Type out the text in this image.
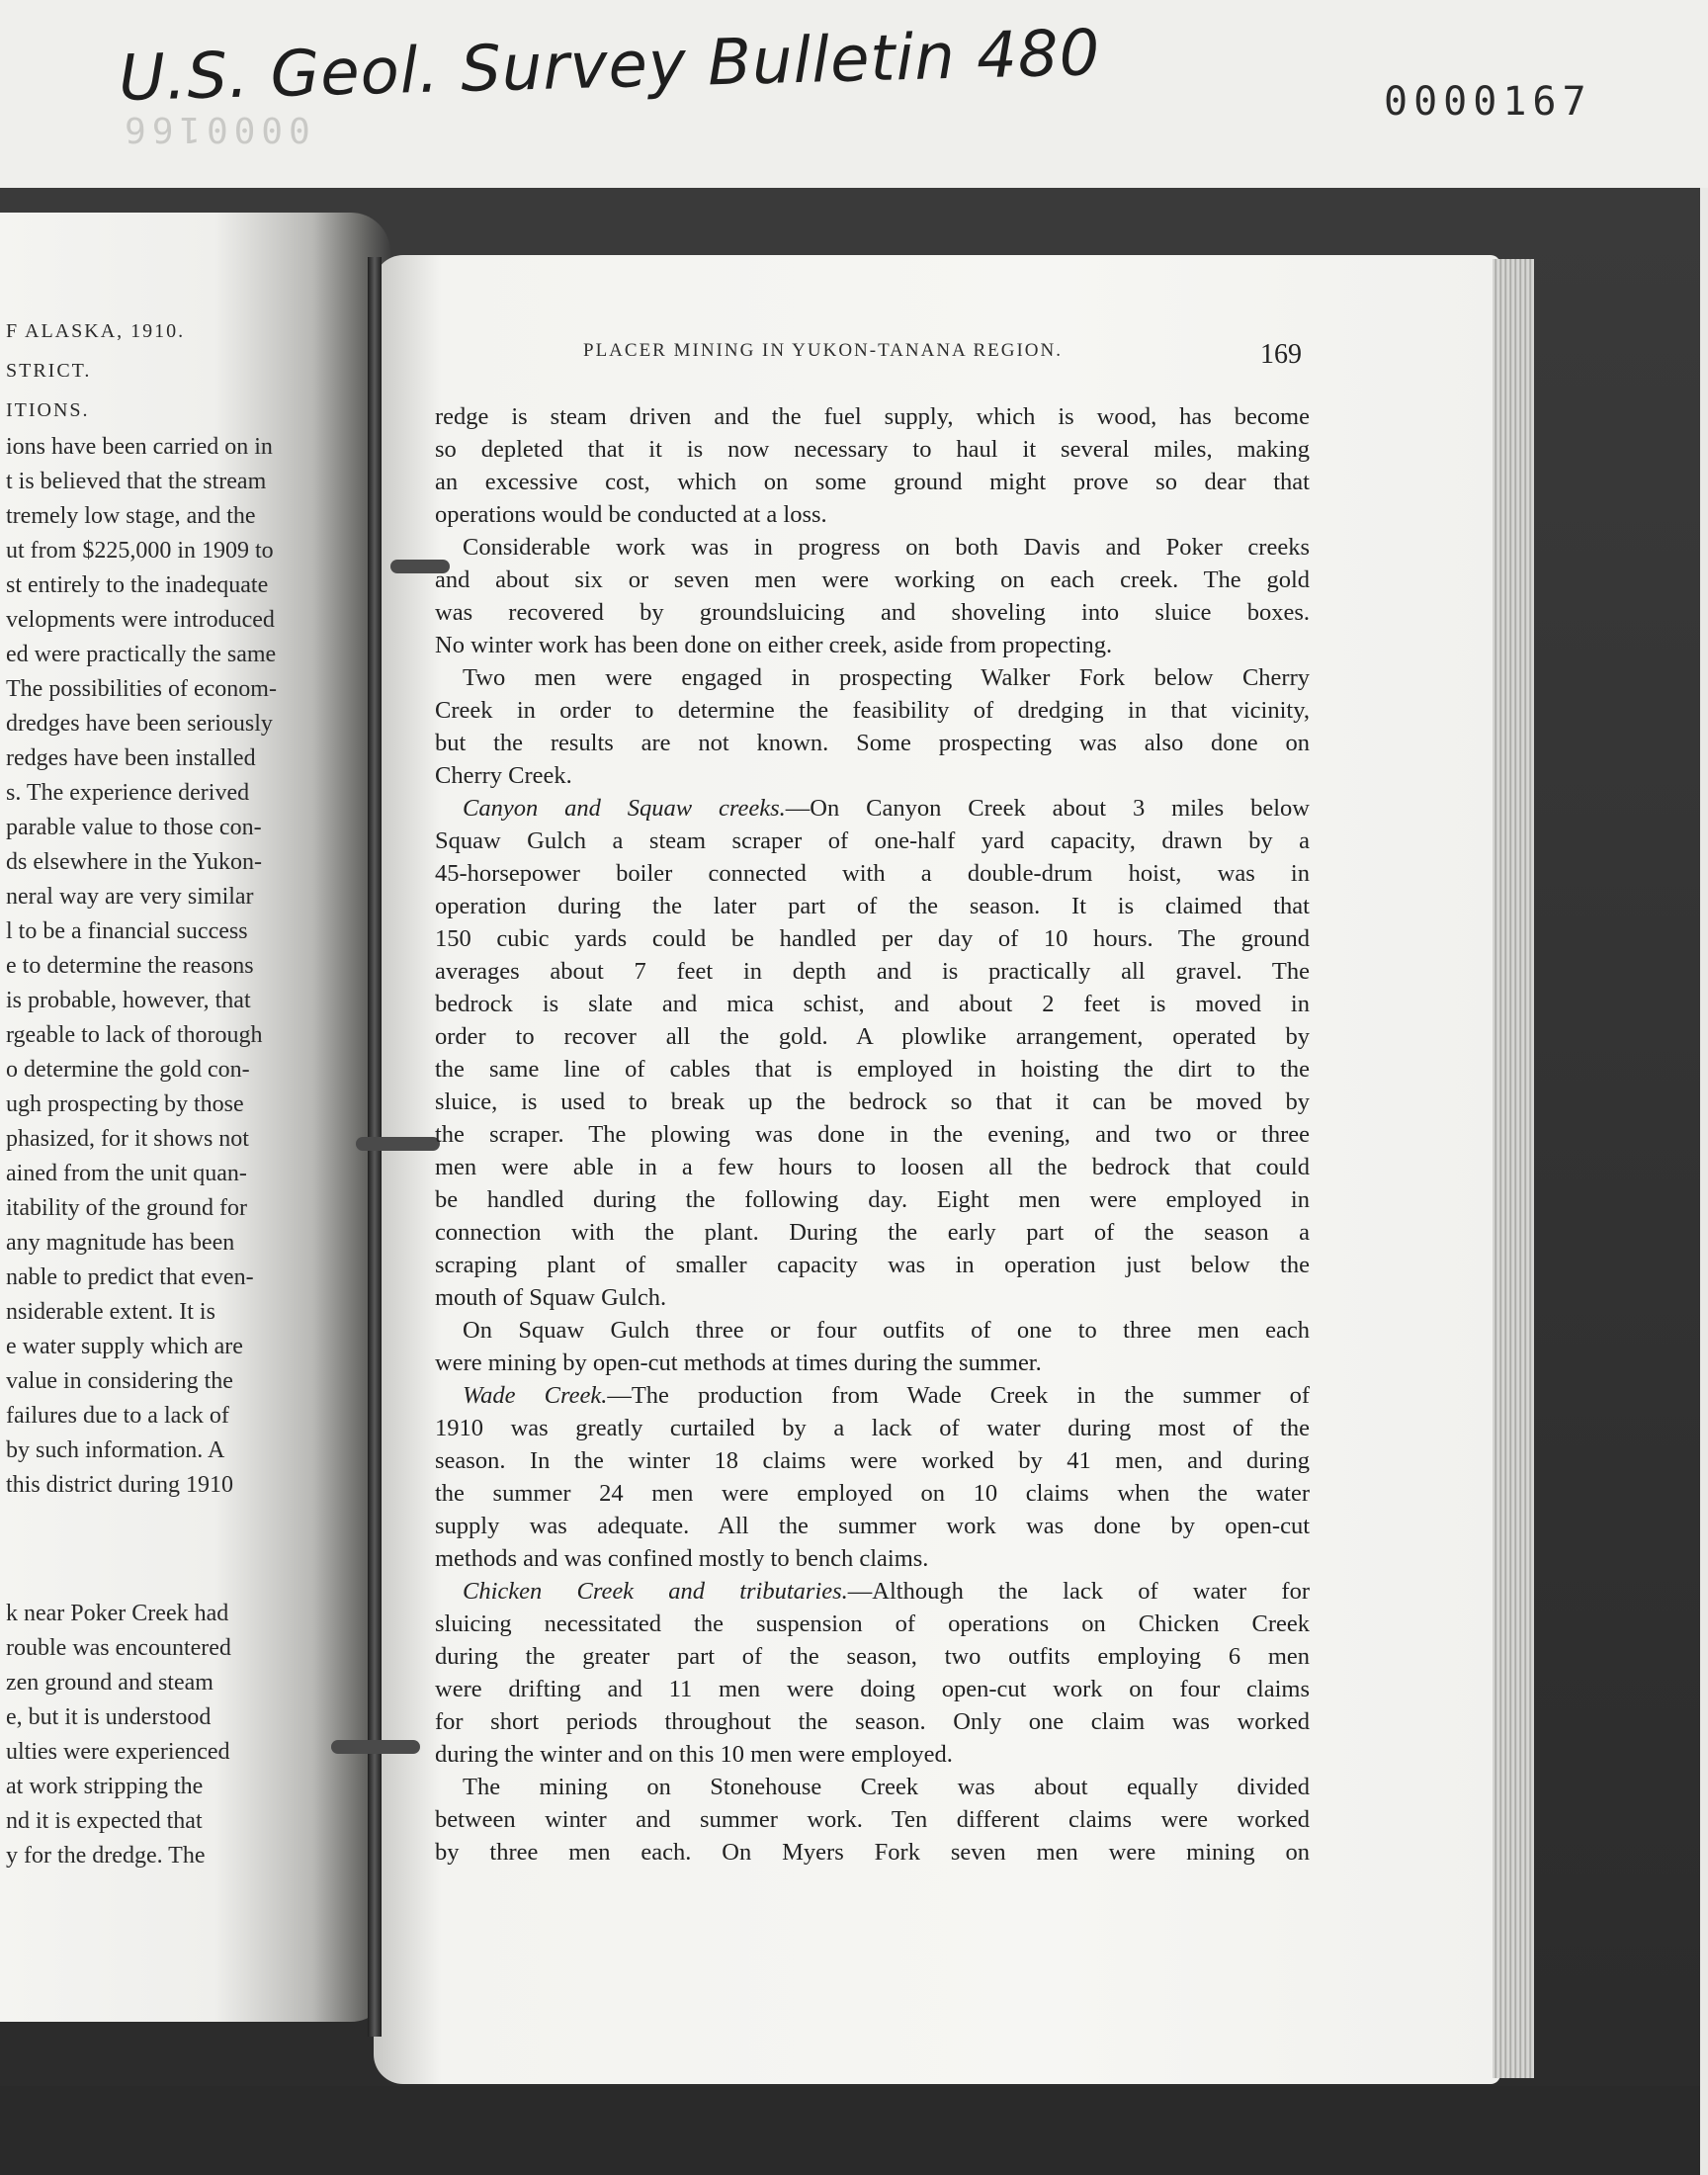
U.S. Geol. Survey Bulletin 480	0000167
0000166
F ALASKA, 1910.
STRICT.
ITIONS.
ions have been carried on in
t is believed that the stream
tremely low stage, and the
ut from $225,000 in 1909 to
st entirely to the inadequate
velopments were introduced
ed were practically the same
The possibilities of econom-
dredges have been seriously
redges have been installed
s. The experience derived
parable value to those con-
ds elsewhere in the Yukon-
neral way are very similar
l to be a financial success
e to determine the reasons
is probable, however, that
rgeable to lack of thorough
o determine the gold con-
ugh prospecting by those
phasized, for it shows not
ained from the unit quan-
itability of the ground for
any magnitude has been
nable to predict that even-
nsiderable extent. It is
e water supply which are
value in considering the
failures due to a lack of
by such information. A
this district during 1910
k near Poker Creek had
rouble was encountered
zen ground and steam
e, but it is understood
ulties were experienced
at work stripping the
nd it is expected that
y for the dredge. The
PLACER MINING IN YUKON-TANANA REGION.	169
redge is steam driven and the fuel supply, which is wood, has become
so depleted that it is now necessary to haul it several miles, making
an excessive cost, which on some ground might prove so dear that
operations would be conducted at a loss.
Considerable work was in progress on both Davis and Poker creeks
and about six or seven men were working on each creek. The gold
was recovered by groundsluicing and shoveling into sluice boxes.
No winter work has been done on either creek, aside from propecting.
Two men were engaged in prospecting Walker Fork below Cherry
Creek in order to determine the feasibility of dredging in that vicinity,
but the results are not known. Some prospecting was also done on
Cherry Creek.
Canyon and Squaw creeks.—On Canyon Creek about 3 miles below
Squaw Gulch a steam scraper of one-half yard capacity, drawn by a
45-horsepower boiler connected with a double-drum hoist, was in
operation during the later part of the season. It is claimed that
150 cubic yards could be handled per day of 10 hours. The ground
averages about 7 feet in depth and is practically all gravel. The
bedrock is slate and mica schist, and about 2 feet is moved in
order to recover all the gold. A plowlike arrangement, operated by
the same line of cables that is employed in hoisting the dirt to the
sluice, is used to break up the bedrock so that it can be moved by
the scraper. The plowing was done in the evening, and two or three
men were able in a few hours to loosen all the bedrock that could
be handled during the following day. Eight men were employed in
connection with the plant. During the early part of the season a
scraping plant of smaller capacity was in operation just below the
mouth of Squaw Gulch.
On Squaw Gulch three or four outfits of one to three men each
were mining by open-cut methods at times during the summer.
Wade Creek.—The production from Wade Creek in the summer of
1910 was greatly curtailed by a lack of water during most of the
season. In the winter 18 claims were worked by 41 men, and during
the summer 24 men were employed on 10 claims when the water
supply was adequate. All the summer work was done by open-cut
methods and was confined mostly to bench claims.
Chicken Creek and tributaries.—Although the lack of water for
sluicing necessitated the suspension of operations on Chicken Creek
during the greater part of the season, two outfits employing 6 men
were drifting and 11 men were doing open-cut work on four claims
for short periods throughout the season. Only one claim was worked
during the winter and on this 10 men were employed.
The mining on Stonehouse Creek was about equally divided
between winter and summer work. Ten different claims were worked
by three men each. On Myers Fork seven men were mining on
